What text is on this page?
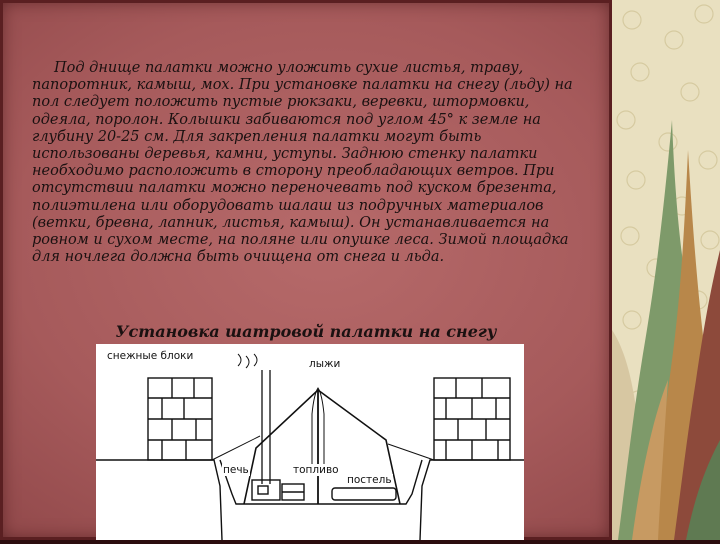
Под днище палатки можно уложить сухие листья, траву, папоротник, камыш, мох. При установке палатки на снегу (льду) на пол следует положить пустые рюкзаки, веревки, штормовки, одеяла, поролон. Колышки забиваются под углом 45° к земле на глубину 20-25 см. Для закрепления палатки могут быть использованы деревья, камни, уступы. Заднюю стенку палатки необходимо расположить в сторону преобладающих ветров. При отсутствии палатки можно переночевать под куском брезента, полиэтилена или оборудовать шалаш из подручных материалов (ветки, бревна, лапник, листья, камыш). Он устанавливается на ровном и сухом месте, на поляне или опушке леса. Зимой площадка для ночлега должна быть очищена от снега и льда.

Установка шатровой палатки на снегу

снежные блоки
лыжи
печь	топливо
постель
